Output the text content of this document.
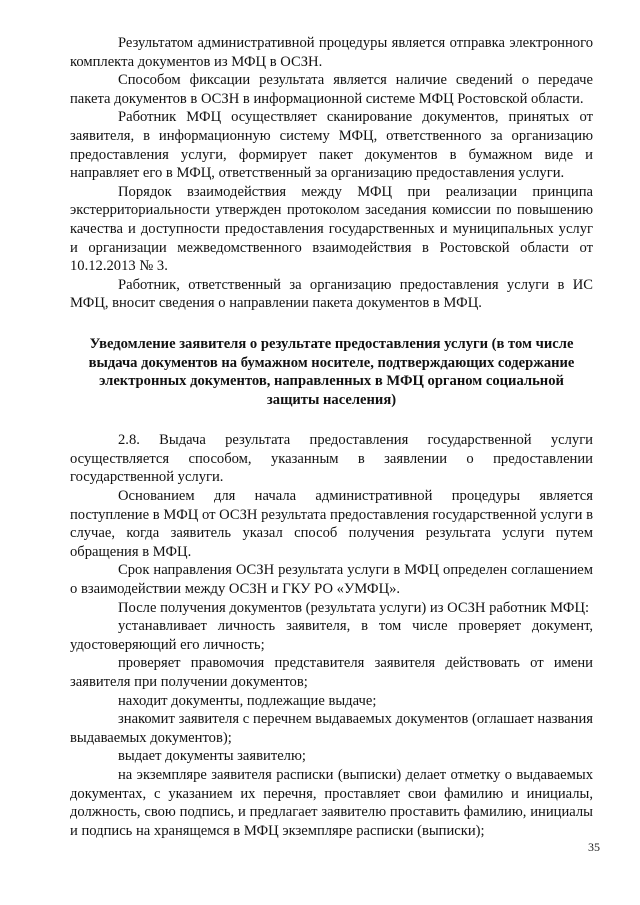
Результатом административной процедуры является отправка электронного комплекта документов из МФЦ в ОСЗН.

Способом фиксации результата является наличие сведений о передаче пакета документов в ОСЗН в информационной системе МФЦ Ростовской области.

Работник МФЦ осуществляет сканирование документов, принятых от заявителя, в информационную систему МФЦ, ответственного за организацию предоставления услуги, формирует пакет документов в бумажном виде и направляет его в МФЦ, ответственный за организацию предоставления услуги.

Порядок взаимодействия между МФЦ при реализации принципа экстерриториальности утвержден протоколом заседания комиссии по повышению качества и доступности предоставления государственных и муниципальных услуг и организации межведомственного взаимодействия в Ростовской области от 10.12.2013 № 3.

Работник, ответственный за организацию предоставления услуги в ИС МФЦ, вносит сведения о направлении пакета документов в МФЦ.

Уведомление заявителя о результате предоставления услуги (в том числе выдача документов на бумажном носителе, подтверждающих содержание электронных документов, направленных в МФЦ органом социальной защиты населения)

2.8. Выдача результата предоставления государственной услуги осуществляется способом, указанным в заявлении о предоставлении государственной услуги.

Основанием для начала административной процедуры является поступление в МФЦ от ОСЗН результата предоставления государственной услуги в случае, когда заявитель указал способ получения результата услуги путем обращения в МФЦ.

Срок направления ОСЗН результата услуги в МФЦ определен соглашением о взаимодействии между ОСЗН и ГКУ РО «УМФЦ».

После получения документов (результата услуги) из ОСЗН работник МФЦ:

устанавливает личность заявителя, в том числе проверяет документ, удостоверяющий его личность;

проверяет правомочия представителя заявителя действовать от имени заявителя при получении документов;

находит документы, подлежащие выдаче;

знакомит заявителя с перечнем выдаваемых документов (оглашает названия выдаваемых документов);

выдает документы заявителю;

на экземпляре заявителя расписки (выписки) делает отметку о выдаваемых документах, с указанием их перечня, проставляет свои фамилию и инициалы, должность, свою подпись, и предлагает заявителю проставить фамилию, инициалы и подпись на хранящемся в МФЦ экземпляре расписки (выписки);

35
